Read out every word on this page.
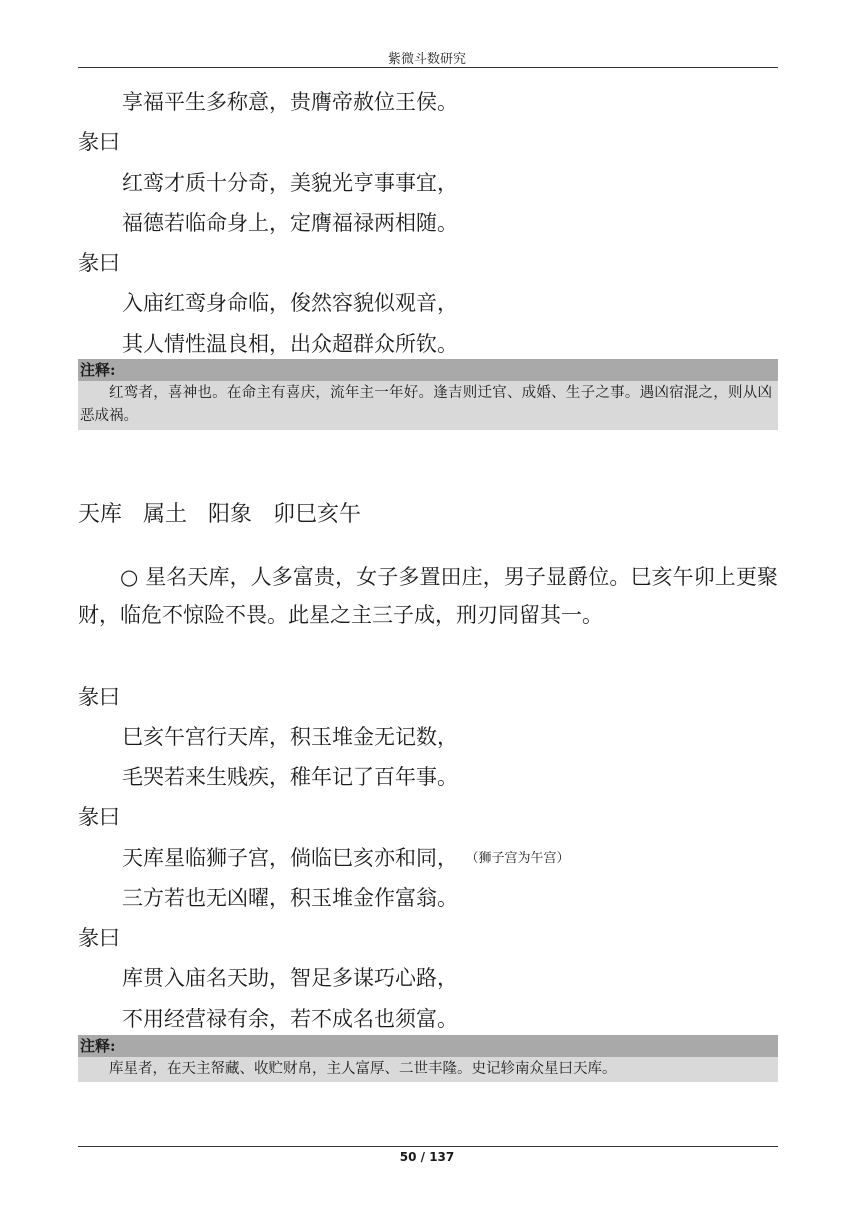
紫微斗数研究
享福平生多称意，贵膺帝赦位王侯。
彖曰
红鸾才质十分奇，美貌光亨事事宜，
福德若临命身上，定膺福禄两相随。
彖曰
入庙红鸾身命临，俊然容貌似观音，
其人情性温良相，出众超群众所钦。
注释:
红鸾者，喜神也。在命主有喜庆，流年主一年好。逢吉则迁官、成婚、生子之事。遇凶宿混之，则从凶恶成祸。
天库 属土 阳象 卯巳亥午
○ 星名天库，人多富贵，女子多置田庄，男子显爵位。巳亥午卯上更聚财，临危不惊险不畏。此星之主三子成，刑刃同留其一。
彖曰
巳亥午宫行天库，积玉堆金无记数，
毛哭若来生贱疾，稚年记了百年事。
彖曰
天库星临狮子宫，倘临巳亥亦和同， （狮子宫为午宫）
三方若也无凶曜，积玉堆金作富翁。
彖曰
库贯入庙名天助，智足多谋巧心路，
不用经营禄有余，若不成名也须富。
注释:
库星者，在天主帑藏、收贮财帛，主人富厚、二世丰隆。史记轸南众星曰天库。
50 / 137
